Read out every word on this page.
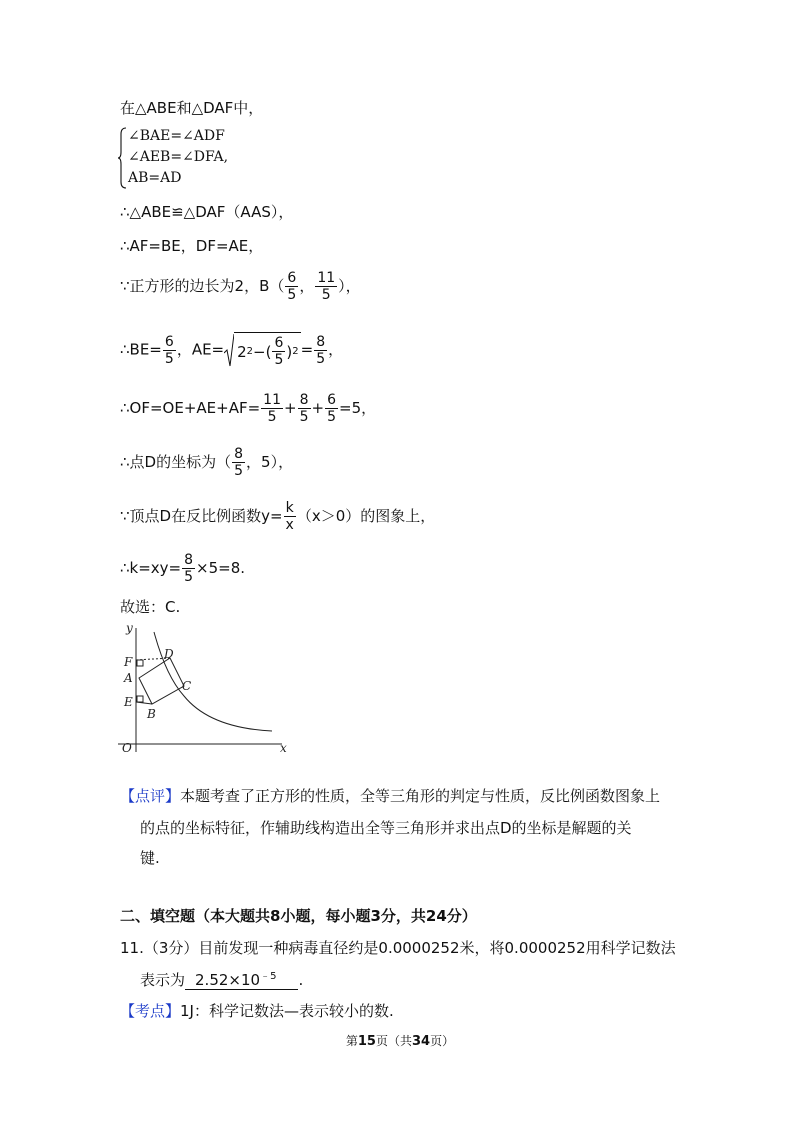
在△ABE和△DAF中，
∠BAE=∠ADF
∠AEB=∠DFA,
AB=AD
∴△ABE≌△DAF（AAS），
∴AF=BE，DF=AE，
∵正方形的边长为2，$B( \frac{6}{5}$ ， $\frac{11}{5}$ ），
∴BE= $\frac{6}{5}$ ，AE= 2 2 −( $\frac{6}{5}$ ) $2 = \frac{8}{5}$ ，
∴OF=OE+AE+AF= $\frac{11}{5} + \frac{8}{5} + \frac{6}{5} =5$，
∴点D的坐标为（ $\frac{8}{5}$ ，5），
∵顶点D在反比例函数$y= \frac{k}{x} (x>0)$的图象上，
∴k=xy= $\frac{8}{5} \times 5=8$.
故选：C.
y
x
O
F
A
E
B
C
D
【点评】本题考查了正方形的性质，全等三角形的判定与性质，反比例函数图象上
的点的坐标特征，作辅助线构造出全等三角形并求出点D的坐标是解题的关
键.
二、填空题（本大题共8小题，每小题3分，共24分）
11.（3分）目前发现一种病毒直径约是0.0000252米，将0.0000252用科学记数法
表示为 $2.52\times 10^{﹣5}$ .
【考点】1J：科学记数法—表示较小的数.
第15页（共34页）
